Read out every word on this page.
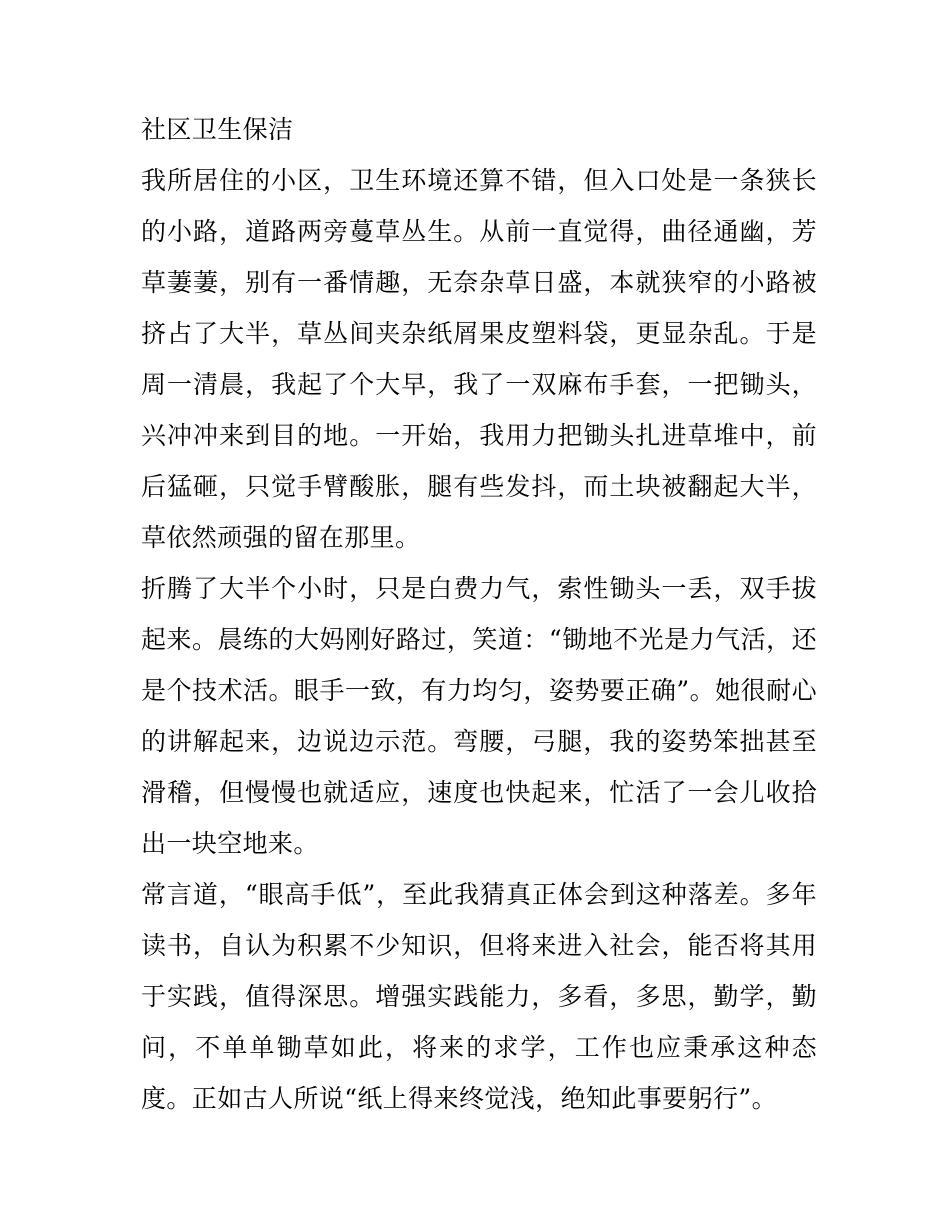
社区卫生保洁

我所居住的小区，卫生环境还算不错，但入口处是一条狭长的小路，道路两旁蔓草丛生。从前一直觉得，曲径通幽，芳草萋萋，别有一番情趣，无奈杂草日盛，本就狭窄的小路被挤占了大半，草丛间夹杂纸屑果皮塑料袋，更显杂乱。于是周一清晨，我起了个大早，我了一双麻布手套，一把锄头，兴冲冲来到目的地。一开始，我用力把锄头扎进草堆中，前后猛砸，只觉手臂酸胀，腿有些发抖，而土块被翻起大半，草依然顽强的留在那里。

折腾了大半个小时，只是白费力气，索性锄头一丢，双手拔起来。晨练的大妈刚好路过，笑道：“锄地不光是力气活，还是个技术活。眼手一致，有力均匀，姿势要正确”。她很耐心的讲解起来，边说边示范。弯腰，弓腿，我的姿势笨拙甚至滑稽，但慢慢也就适应，速度也快起来，忙活了一会儿收拾出一块空地来。

常言道，“眼高手低”，至此我猜真正体会到这种落差。多年读书，自认为积累不少知识，但将来进入社会，能否将其用于实践，值得深思。增强实践能力，多看，多思，勤学，勤问，不单单锄草如此，将来的求学，工作也应秉承这种态度。正如古人所说“纸上得来终觉浅，绝知此事要躬行”。
